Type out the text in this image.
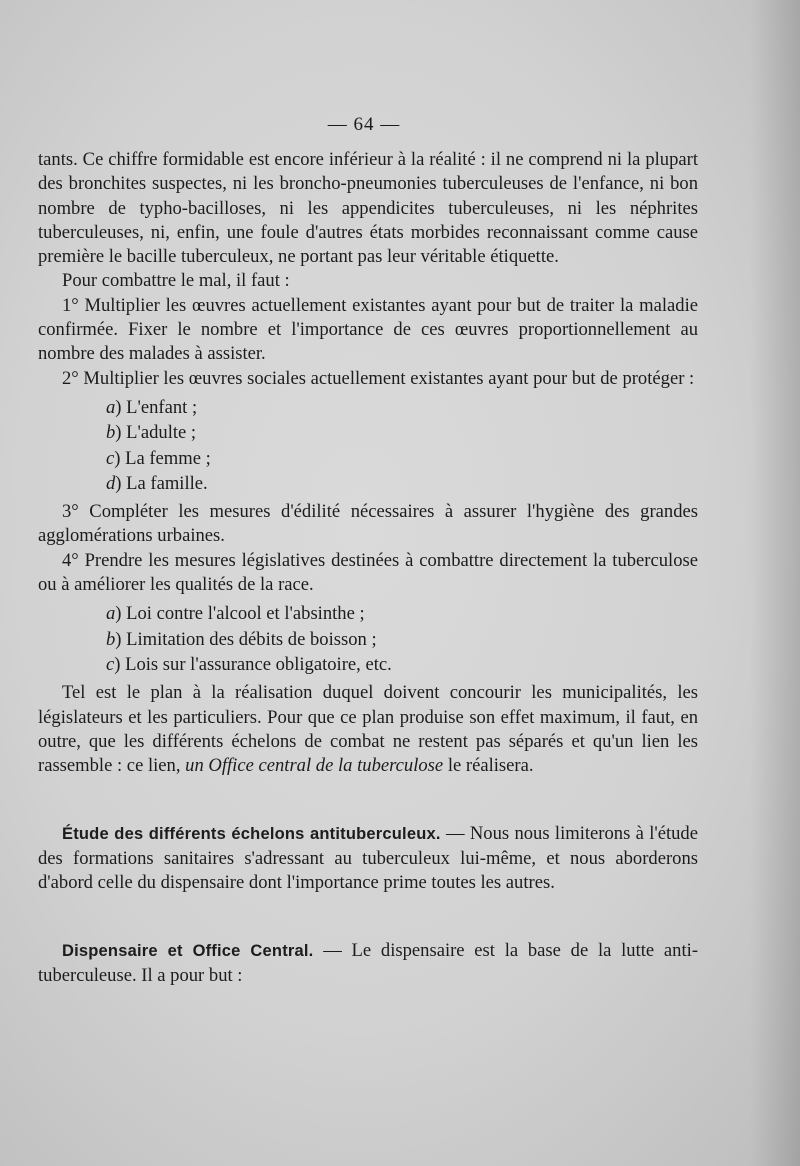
— 64 —

tants. Ce chiffre formidable est encore inférieur à la réalité : il ne comprend ni la plupart des bronchites suspectes, ni les broncho-pneumonies tuberculeuses de l'enfance, ni bon nombre de typho-bacilloses, ni les appendicites tuberculeuses, ni les néphrites tuberculeuses, ni, enfin, une foule d'autres états morbides reconnaissant comme cause première le bacille tuberculeux, ne portant pas leur véritable étiquette.

Pour combattre le mal, il faut :

1° Multiplier les œuvres actuellement existantes ayant pour but de traiter la maladie confirmée. Fixer le nombre et l'importance de ces œuvres proportionnellement au nombre des malades à assister.

2° Multiplier les œuvres sociales actuellement existantes ayant pour but de protéger :

a) L'enfant ;
b) L'adulte ;
c) La femme ;
d) La famille.

3° Compléter les mesures d'édilité nécessaires à assurer l'hygiène des grandes agglomérations urbaines.

4° Prendre les mesures législatives destinées à combattre directement la tuberculose ou à améliorer les qualités de la race.

a) Loi contre l'alcool et l'absinthe ;
b) Limitation des débits de boisson ;
c) Lois sur l'assurance obligatoire, etc.

Tel est le plan à la réalisation duquel doivent concourir les municipalités, les législateurs et les particuliers. Pour que ce plan produise son effet maximum, il faut, en outre, que les différents échelons de combat ne restent pas séparés et qu'un lien les rassemble : ce lien, un Office central de la tuberculose le réalisera.

Étude des différents échelons antituberculeux. — Nous nous limiterons à l'étude des formations sanitaires s'adressant au tuberculeux lui-même, et nous aborderons d'abord celle du dispensaire dont l'importance prime toutes les autres.

Dispensaire et Office Central. — Le dispensaire est la base de la lutte antituberculeuse. Il a pour but :
